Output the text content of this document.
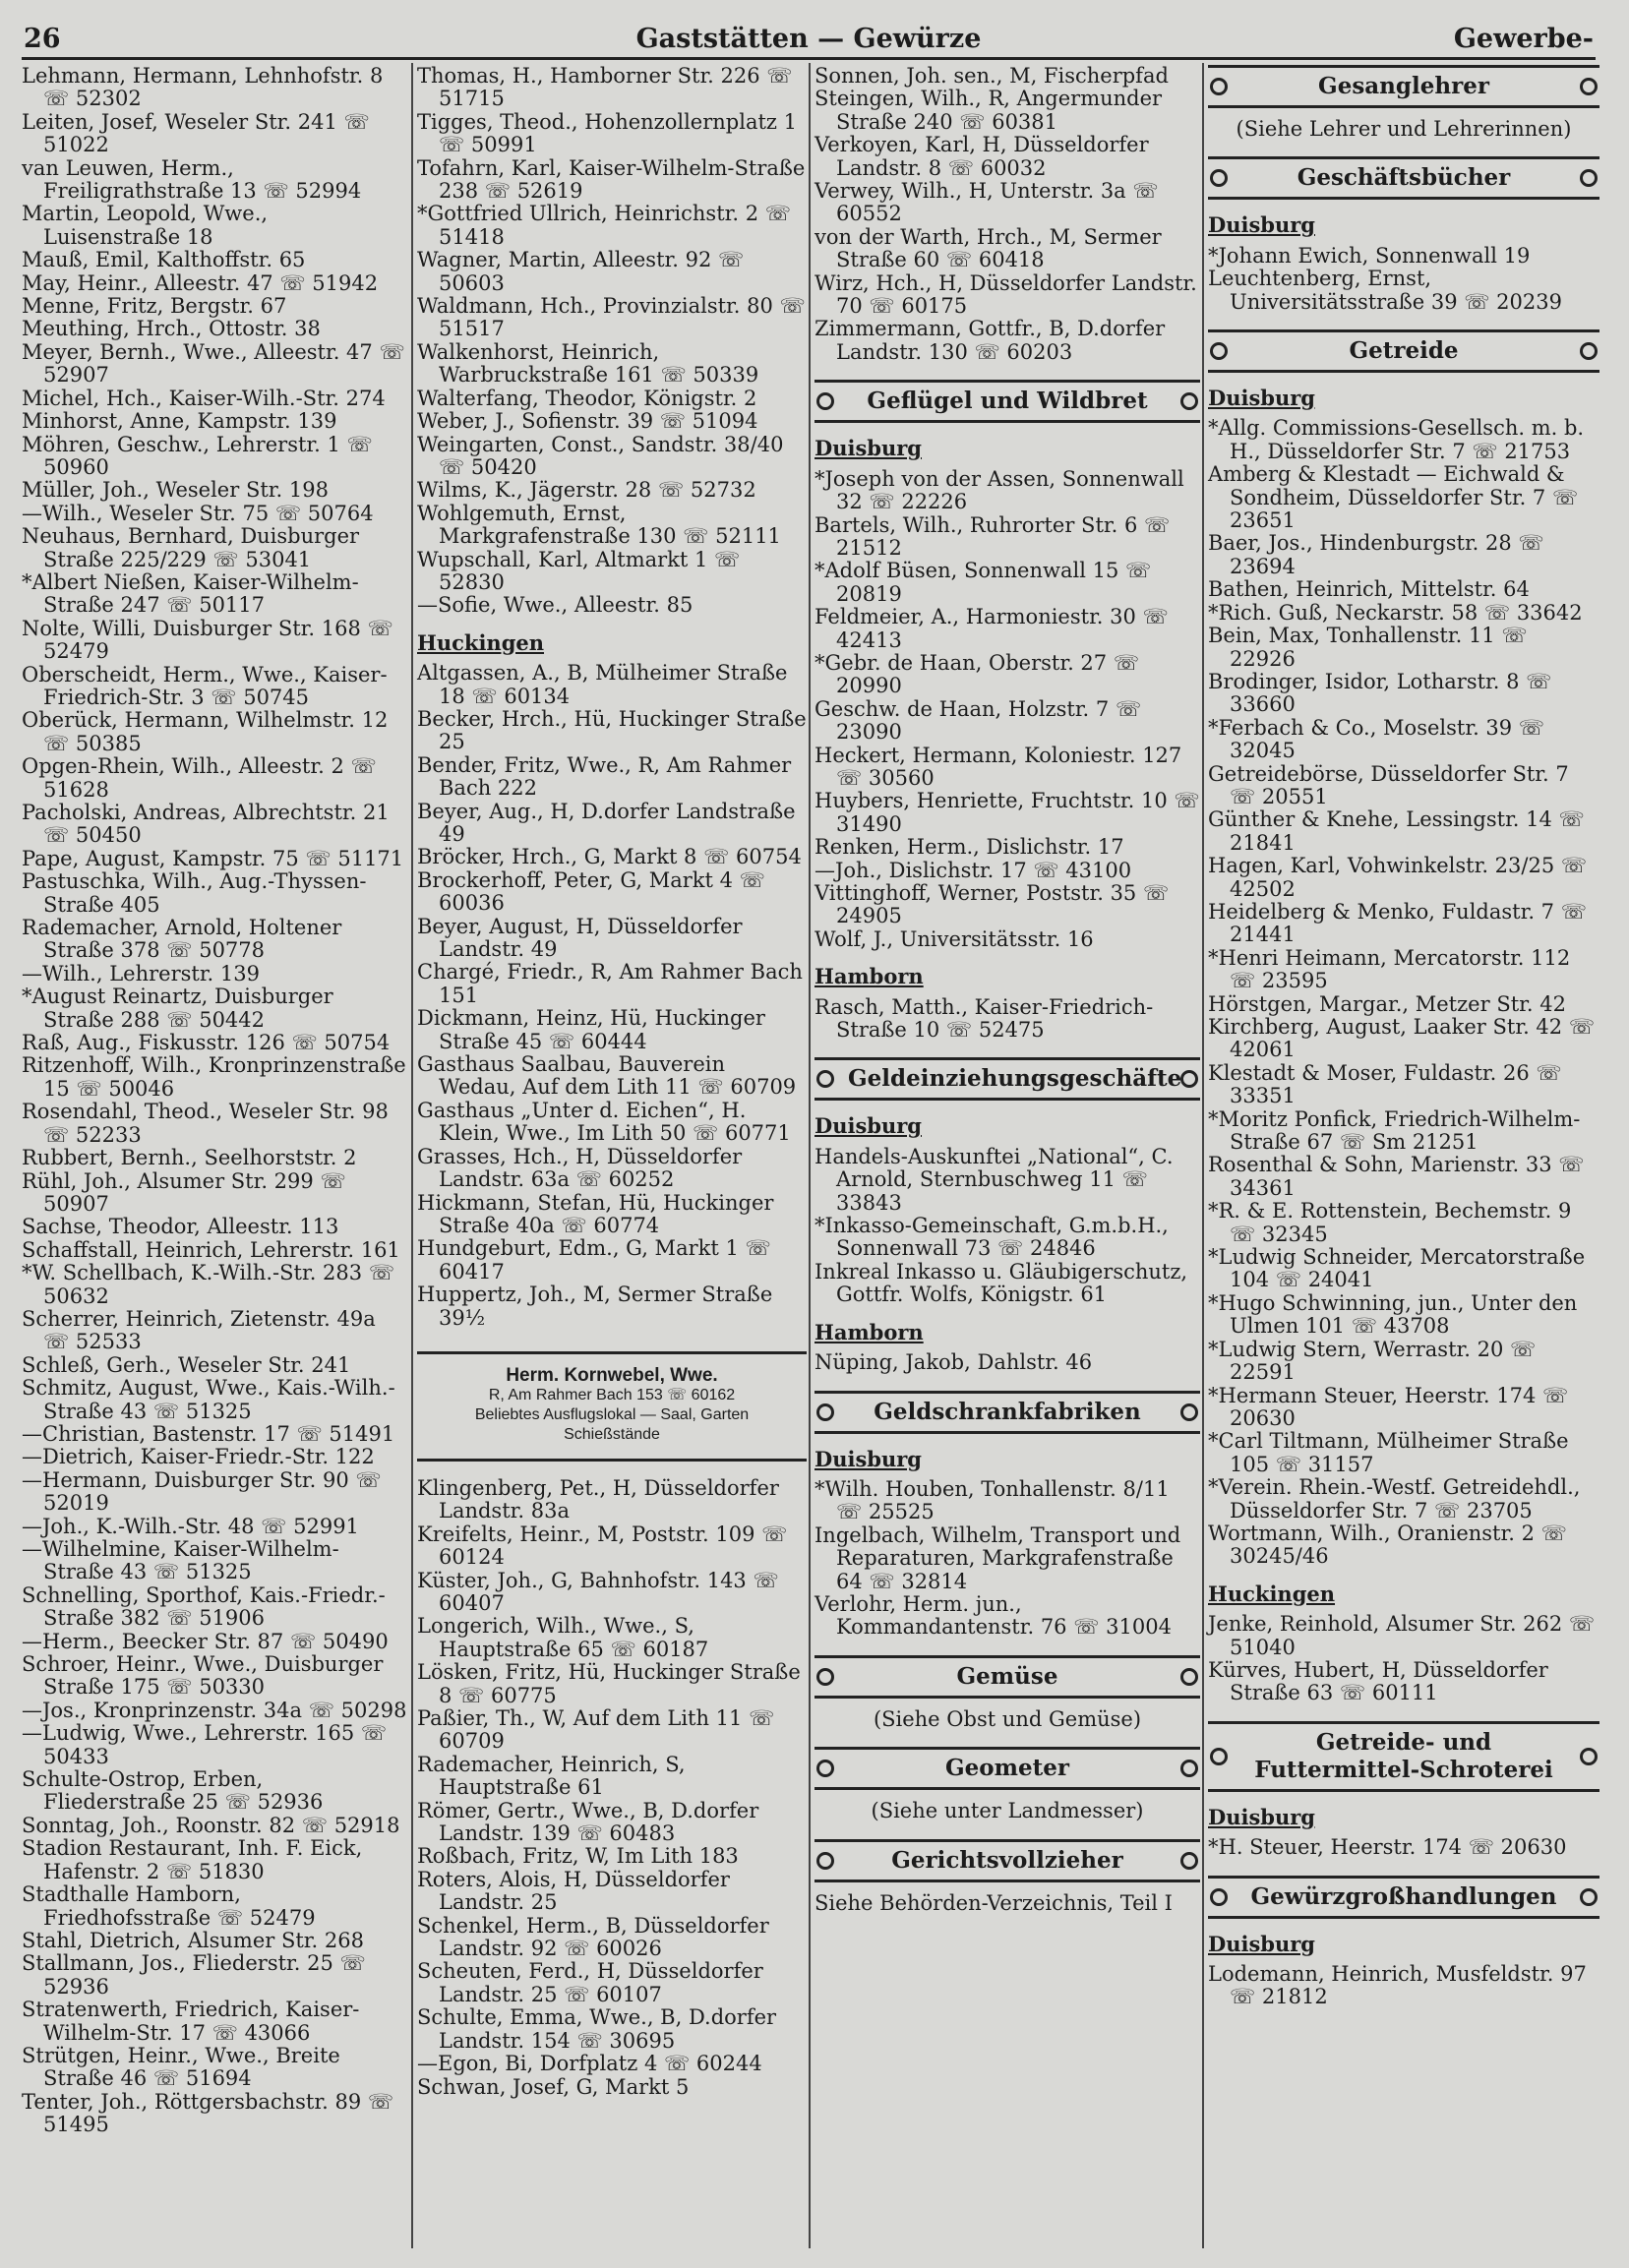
26	Gaststätten — Gewürze	Gewerbe-
Lehmann, Hermann, Lehnhofstr. 8 ☏ 52302
Leiten, Josef, Weseler Str. 241 ☏ 51022
van Leuwen, Herm., Freiligrathstraße 13 ☏ 52994
Martin, Leopold, Wwe., Luisenstraße 18
Mauß, Emil, Kalthoffstr. 65
May, Heinr., Alleestr. 47 ☏ 51942
Menne, Fritz, Bergstr. 67
Meuthing, Hrch., Ottostr. 38
Meyer, Bernh., Wwe., Alleestr. 47 ☏ 52907
Michel, Hch., Kaiser-Wilh.-Str. 274
Minhorst, Anne, Kampstr. 139
Möhren, Geschw., Lehrerstr. 1 ☏ 50960
Müller, Joh., Weseler Str. 198
—Wilh., Weseler Str. 75 ☏ 50764
Neuhaus, Bernhard, Duisburger Straße 225/229 ☏ 53041
*Albert Nießen, Kaiser-Wilhelm-Straße 247 ☏ 50117
Nolte, Willi, Duisburger Str. 168 ☏ 52479
Oberscheidt, Herm., Wwe., Kaiser-Friedrich-Str. 3 ☏ 50745
Oberück, Hermann, Wilhelmstr. 12 ☏ 50385
Opgen-Rhein, Wilh., Alleestr. 2 ☏ 51628
Pacholski, Andreas, Albrechtstr. 21 ☏ 50450
Pape, August, Kampstr. 75 ☏ 51171
Pastuschka, Wilh., Aug.-Thyssen-Straße 405
Rademacher, Arnold, Holtener Straße 378 ☏ 50778
—Wilh., Lehrerstr. 139
*August Reinartz, Duisburger Straße 288 ☏ 50442
Raß, Aug., Fiskusstr. 126 ☏ 50754
Ritzenhoff, Wilh., Kronprinzenstraße 15 ☏ 50046
Rosendahl, Theod., Weseler Str. 98 ☏ 52233
Rubbert, Bernh., Seelhorststr. 2
Rühl, Joh., Alsumer Str. 299 ☏ 50907
Sachse, Theodor, Alleestr. 113
Schaffstall, Heinrich, Lehrerstr. 161
*W. Schellbach, K.-Wilh.-Str. 283 ☏ 50632
Scherrer, Heinrich, Zietenstr. 49a ☏ 52533
Schleß, Gerh., Weseler Str. 241
Schmitz, August, Wwe., Kais.-Wilh.-Straße 43 ☏ 51325
—Christian, Bastenstr. 17 ☏ 51491
—Dietrich, Kaiser-Friedr.-Str. 122
—Hermann, Duisburger Str. 90 ☏ 52019
—Joh., K.-Wilh.-Str. 48 ☏ 52991
—Wilhelmine, Kaiser-Wilhelm-Straße 43 ☏ 51325
Schnelling, Sporthof, Kais.-Friedr.-Straße 382 ☏ 51906
—Herm., Beecker Str. 87 ☏ 50490
Schroer, Heinr., Wwe., Duisburger Straße 175 ☏ 50330
—Jos., Kronprinzenstr. 34a ☏ 50298
—Ludwig, Wwe., Lehrerstr. 165 ☏ 50433
Schulte-Ostrop, Erben, Fliederstraße 25 ☏ 52936
Sonntag, Joh., Roonstr. 82 ☏ 52918
Stadion Restaurant, Inh. F. Eick, Hafenstr. 2 ☏ 51830
Stadthalle Hamborn, Friedhofsstraße ☏ 52479
Stahl, Dietrich, Alsumer Str. 268
Stallmann, Jos., Fliederstr. 25 ☏ 52936
Stratenwerth, Friedrich, Kaiser-Wilhelm-Str. 17 ☏ 43066
Strütgen, Heinr., Wwe., Breite Straße 46 ☏ 51694
Tenter, Joh., Röttgersbachstr. 89 ☏ 51495
Thomas, H., Hamborner Str. 226 ☏ 51715
Tigges, Theod., Hohenzollernplatz 1 ☏ 50991
Tofahrn, Karl, Kaiser-Wilhelm-Straße 238 ☏ 52619
*Gottfried Ullrich, Heinrichstr. 2 ☏ 51418
Wagner, Martin, Alleestr. 92 ☏ 50603
Waldmann, Hch., Provinzialstr. 80 ☏ 51517
Walkenhorst, Heinrich, Warbruckstraße 161 ☏ 50339
Walterfang, Theodor, Königstr. 2
Weber, J., Sofienstr. 39 ☏ 51094
Weingarten, Const., Sandstr. 38/40 ☏ 50420
Wilms, K., Jägerstr. 28 ☏ 52732
Wohlgemuth, Ernst, Markgrafenstraße 130 ☏ 52111
Wupschall, Karl, Altmarkt 1 ☏ 52830
—Sofie, Wwe., Alleestr. 85
Huckingen
Altgassen, A., B, Mülheimer Straße 18 ☏ 60134
Becker, Hrch., Hü, Huckinger Straße 25
Bender, Fritz, Wwe., R, Am Rahmer Bach 222
Beyer, Aug., H, D.dorfer Landstraße 49
Bröcker, Hrch., G, Markt 8 ☏ 60754
Brockerhoff, Peter, G, Markt 4 ☏ 60036
Beyer, August, H, Düsseldorfer Landstr. 49
Chargé, Friedr., R, Am Rahmer Bach 151
Dickmann, Heinz, Hü, Huckinger Straße 45 ☏ 60444
Gasthaus Saalbau, Bauverein Wedau, Auf dem Lith 11 ☏ 60709
Gasthaus „Unter d. Eichen“, H. Klein, Wwe., Im Lith 50 ☏ 60771
Grasses, Hch., H, Düsseldorfer Landstr. 63a ☏ 60252
Hickmann, Stefan, Hü, Huckinger Straße 40a ☏ 60774
Hundgeburt, Edm., G, Markt 1 ☏ 60417
Huppertz, Joh., M, Sermer Straße 39½
Herm. Kornwebel, Wwe.
R, Am Rahmer Bach 153 ☏ 60162
Beliebtes Ausflugslokal — Saal, Garten
Schießstände
Klingenberg, Pet., H, Düsseldorfer Landstr. 83a
Kreifelts, Heinr., M, Poststr. 109 ☏ 60124
Küster, Joh., G, Bahnhofstr. 143 ☏ 60407
Longerich, Wilh., Wwe., S, Hauptstraße 65 ☏ 60187
Lösken, Fritz, Hü, Huckinger Straße 8 ☏ 60775
Paßier, Th., W, Auf dem Lith 11 ☏ 60709
Rademacher, Heinrich, S, Hauptstraße 61
Römer, Gertr., Wwe., B, D.dorfer Landstr. 139 ☏ 60483
Roßbach, Fritz, W, Im Lith 183
Roters, Alois, H, Düsseldorfer Landstr. 25
Schenkel, Herm., B, Düsseldorfer Landstr. 92 ☏ 60026
Scheuten, Ferd., H, Düsseldorfer Landstr. 25 ☏ 60107
Schulte, Emma, Wwe., B, D.dorfer Landstr. 154 ☏ 30695
—Egon, Bi, Dorfplatz 4 ☏ 60244
Schwan, Josef, G, Markt 5
Sonnen, Joh. sen., M, Fischerpfad
Steingen, Wilh., R, Angermunder Straße 240 ☏ 60381
Verkoyen, Karl, H, Düsseldorfer Landstr. 8 ☏ 60032
Verwey, Wilh., H, Unterstr. 3a ☏ 60552
von der Warth, Hrch., M, Sermer Straße 60 ☏ 60418
Wirz, Hch., H, Düsseldorfer Landstr. 70 ☏ 60175
Zimmermann, Gottfr., B, D.dorfer Landstr. 130 ☏ 60203
Geflügel und Wildbret
Duisburg
*Joseph von der Assen, Sonnenwall 32 ☏ 22226
Bartels, Wilh., Ruhrorter Str. 6 ☏ 21512
*Adolf Büsen, Sonnenwall 15 ☏ 20819
Feldmeier, A., Harmoniestr. 30 ☏ 42413
*Gebr. de Haan, Oberstr. 27 ☏ 20990
Geschw. de Haan, Holzstr. 7 ☏ 23090
Heckert, Hermann, Koloniestr. 127 ☏ 30560
Huybers, Henriette, Fruchtstr. 10 ☏ 31490
Renken, Herm., Dislichstr. 17
—Joh., Dislichstr. 17 ☏ 43100
Vittinghoff, Werner, Poststr. 35 ☏ 24905
Wolf, J., Universitätsstr. 16
Hamborn
Rasch, Matth., Kaiser-Friedrich-Straße 10 ☏ 52475
Geldeinziehungsgeschäfte
Duisburg
Handels-Auskunftei „National“, C. Arnold, Sternbuschweg 11 ☏ 33843
*Inkasso-Gemeinschaft, G.m.b.H., Sonnenwall 73 ☏ 24846
Inkreal Inkasso u. Gläubigerschutz, Gottfr. Wolfs, Königstr. 61
Hamborn
Nüping, Jakob, Dahlstr. 46
Geldschrankfabriken
Duisburg
*Wilh. Houben, Tonhallenstr. 8/11 ☏ 25525
Ingelbach, Wilhelm, Transport und Reparaturen, Markgrafenstraße 64 ☏ 32814
Verlohr, Herm. jun., Kommandantenstr. 76 ☏ 31004
Gemüse
(Siehe Obst und Gemüse)
Geometer
(Siehe unter Landmesser)
Gerichtsvollzieher
Siehe Behörden-Verzeichnis, Teil I
Gesanglehrer
(Siehe Lehrer und Lehrerinnen)
Geschäftsbücher
Duisburg
*Johann Ewich, Sonnenwall 19
Leuchtenberg, Ernst, Universitätsstraße 39 ☏ 20239
Getreide
Duisburg
*Allg. Commissions-Gesellsch. m. b. H., Düsseldorfer Str. 7 ☏ 21753
Amberg & Klestadt — Eichwald & Sondheim, Düsseldorfer Str. 7 ☏ 23651
Baer, Jos., Hindenburgstr. 28 ☏ 23694
Bathen, Heinrich, Mittelstr. 64
*Rich. Guß, Neckarstr. 58 ☏ 33642
Bein, Max, Tonhallenstr. 11 ☏ 22926
Brodinger, Isidor, Lotharstr. 8 ☏ 33660
*Ferbach & Co., Moselstr. 39 ☏ 32045
Getreidebörse, Düsseldorfer Str. 7 ☏ 20551
Günther & Knehe, Lessingstr. 14 ☏ 21841
Hagen, Karl, Vohwinkelstr. 23/25 ☏ 42502
Heidelberg & Menko, Fuldastr. 7 ☏ 21441
*Henri Heimann, Mercatorstr. 112 ☏ 23595
Hörstgen, Margar., Metzer Str. 42
Kirchberg, August, Laaker Str. 42 ☏ 42061
Klestadt & Moser, Fuldastr. 26 ☏ 33351
*Moritz Ponfick, Friedrich-Wilhelm-Straße 67 ☏ Sm 21251
Rosenthal & Sohn, Marienstr. 33 ☏ 34361
*R. & E. Rottenstein, Bechemstr. 9 ☏ 32345
*Ludwig Schneider, Mercatorstraße 104 ☏ 24041
*Hugo Schwinning, jun., Unter den Ulmen 101 ☏ 43708
*Ludwig Stern, Werrastr. 20 ☏ 22591
*Hermann Steuer, Heerstr. 174 ☏ 20630
*Carl Tiltmann, Mülheimer Straße 105 ☏ 31157
*Verein. Rhein.-Westf. Getreidehdl., Düsseldorfer Str. 7 ☏ 23705
Wortmann, Wilh., Oranienstr. 2 ☏ 30245/46
Huckingen
Jenke, Reinhold, Alsumer Str. 262 ☏ 51040
Kürves, Hubert, H, Düsseldorfer Straße 63 ☏ 60111
Getreide- und Futtermittel-Schroterei
Duisburg
*H. Steuer, Heerstr. 174 ☏ 20630
Gewürzgroßhandlungen
Duisburg
Lodemann, Heinrich, Musfeldstr. 97 ☏ 21812
